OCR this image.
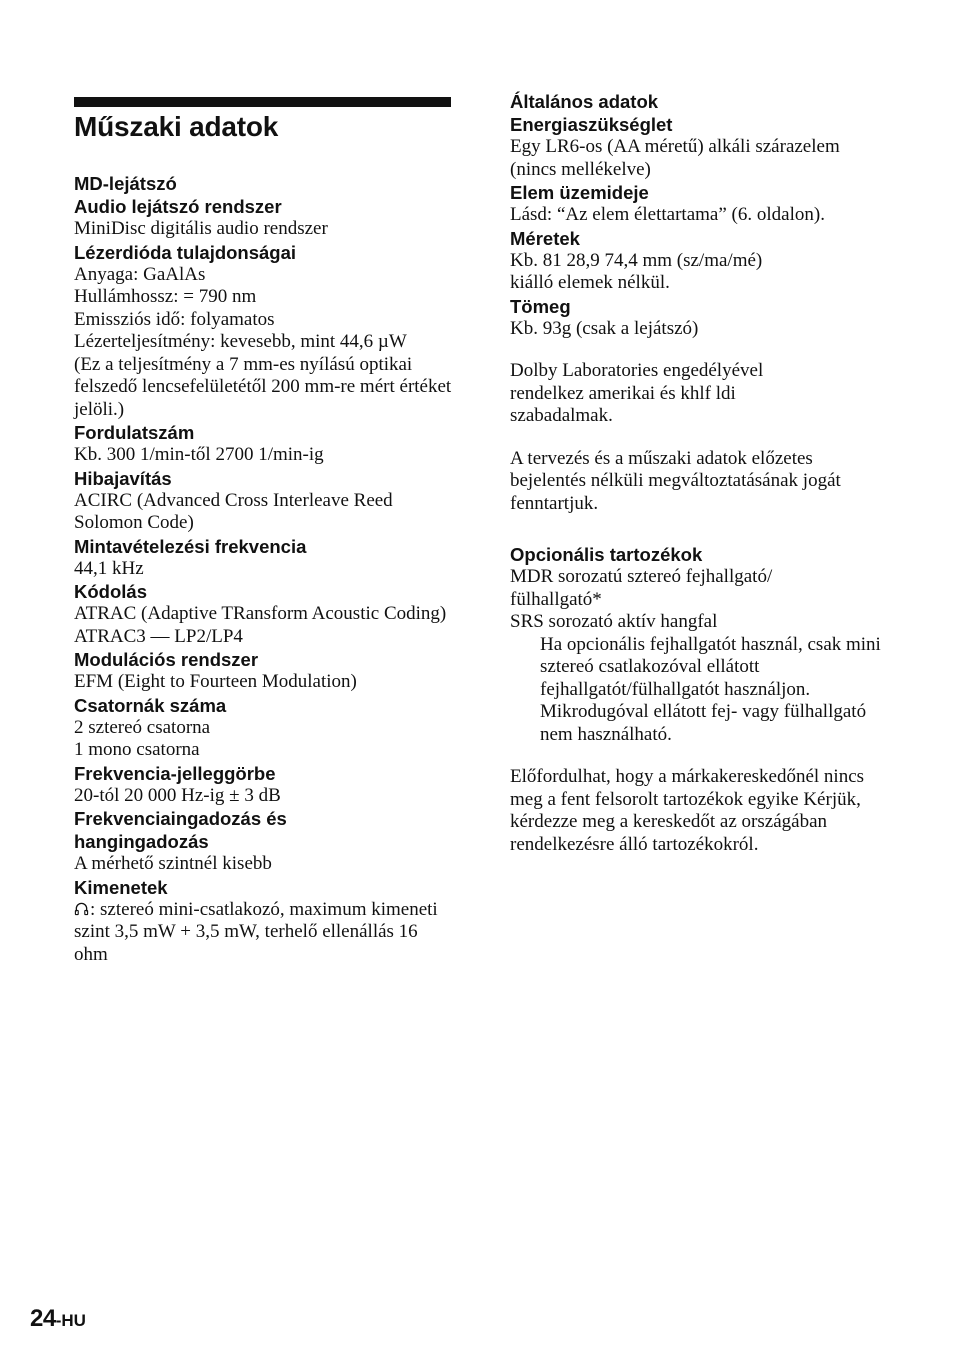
Műszaki adatok

MD-lejátszó

Audio lejátszó rendszer

MiniDisc digitális audio rendszer

Lézerdióda tulajdonságai

Anyaga: GaAlAs
Hullámhossz: = 790 nm
Emissziós idő: folyamatos
Lézerteljesítmény: kevesebb, mint 44,6 µW
(Ez a teljesítmény a 7 mm-es nyílású optikai felszedő lencsefelületétől 200 mm-re mért értéket jelöli.)

Fordulatszám

Kb. 300 1/min-től 2700 1/min-ig

Hibajavítás

ACIRC (Advanced Cross Interleave Reed Solomon Code)

Mintavételezési frekvencia

44,1 kHz

Kódolás

ATRAC (Adaptive TRansform Acoustic Coding)
ATRAC3 — LP2/LP4

Modulációs rendszer

EFM (Eight to Fourteen Modulation)

Csatornák száma

2 sztereó csatorna
1 mono csatorna

Frekvencia-jelleggörbe

20-tól 20 000 Hz-ig ± 3 dB

Frekvenciaingadozás és hangingadozás

A mérhető szintnél kisebb

Kimenetek

: sztereó mini-csatlakozó, maximum kimeneti szint 3,5 mW + 3,5 mW, terhelő ellenállás 16 ohm

Általános adatok

Energiaszükséglet

Egy LR6-os (AA méretű) alkáli szárazelem (nincs mellékelve)

Elem üzemideje

Lásd: “Az elem élettartama” (6. oldalon).

Méretek

Kb. 81 28,9 74,4 mm (sz/ma/mé)
kiálló elemek nélkül.

Tömeg

Kb. 93g (csak a lejátszó)

Dolby Laboratories engedélyével
rendelkez amerikai és khlf ldi
szabadalmak.

A tervezés és a műszaki adatok előzetes bejelentés nélküli megváltoztatásának jogát fenntartjuk.

Opcionális tartozékok

MDR sorozatú sztereó fejhallgató/
fülhallgató*
SRS sorozató aktív hangfal

Ha opcionális fejhallgatót használ, csak mini sztereó csatlakozóval ellátott fejhallgatót/fülhallgatót használjon. Mikrodugóval ellátott fej- vagy fülhallgató nem használható.

Előfordulhat, hogy a márkakereskedőnél nincs meg a fent felsorolt tartozékok egyike Kérjük, kérdezze meg a kereskedőt az országában rendelkezésre álló tartozékokról.

24-HU
